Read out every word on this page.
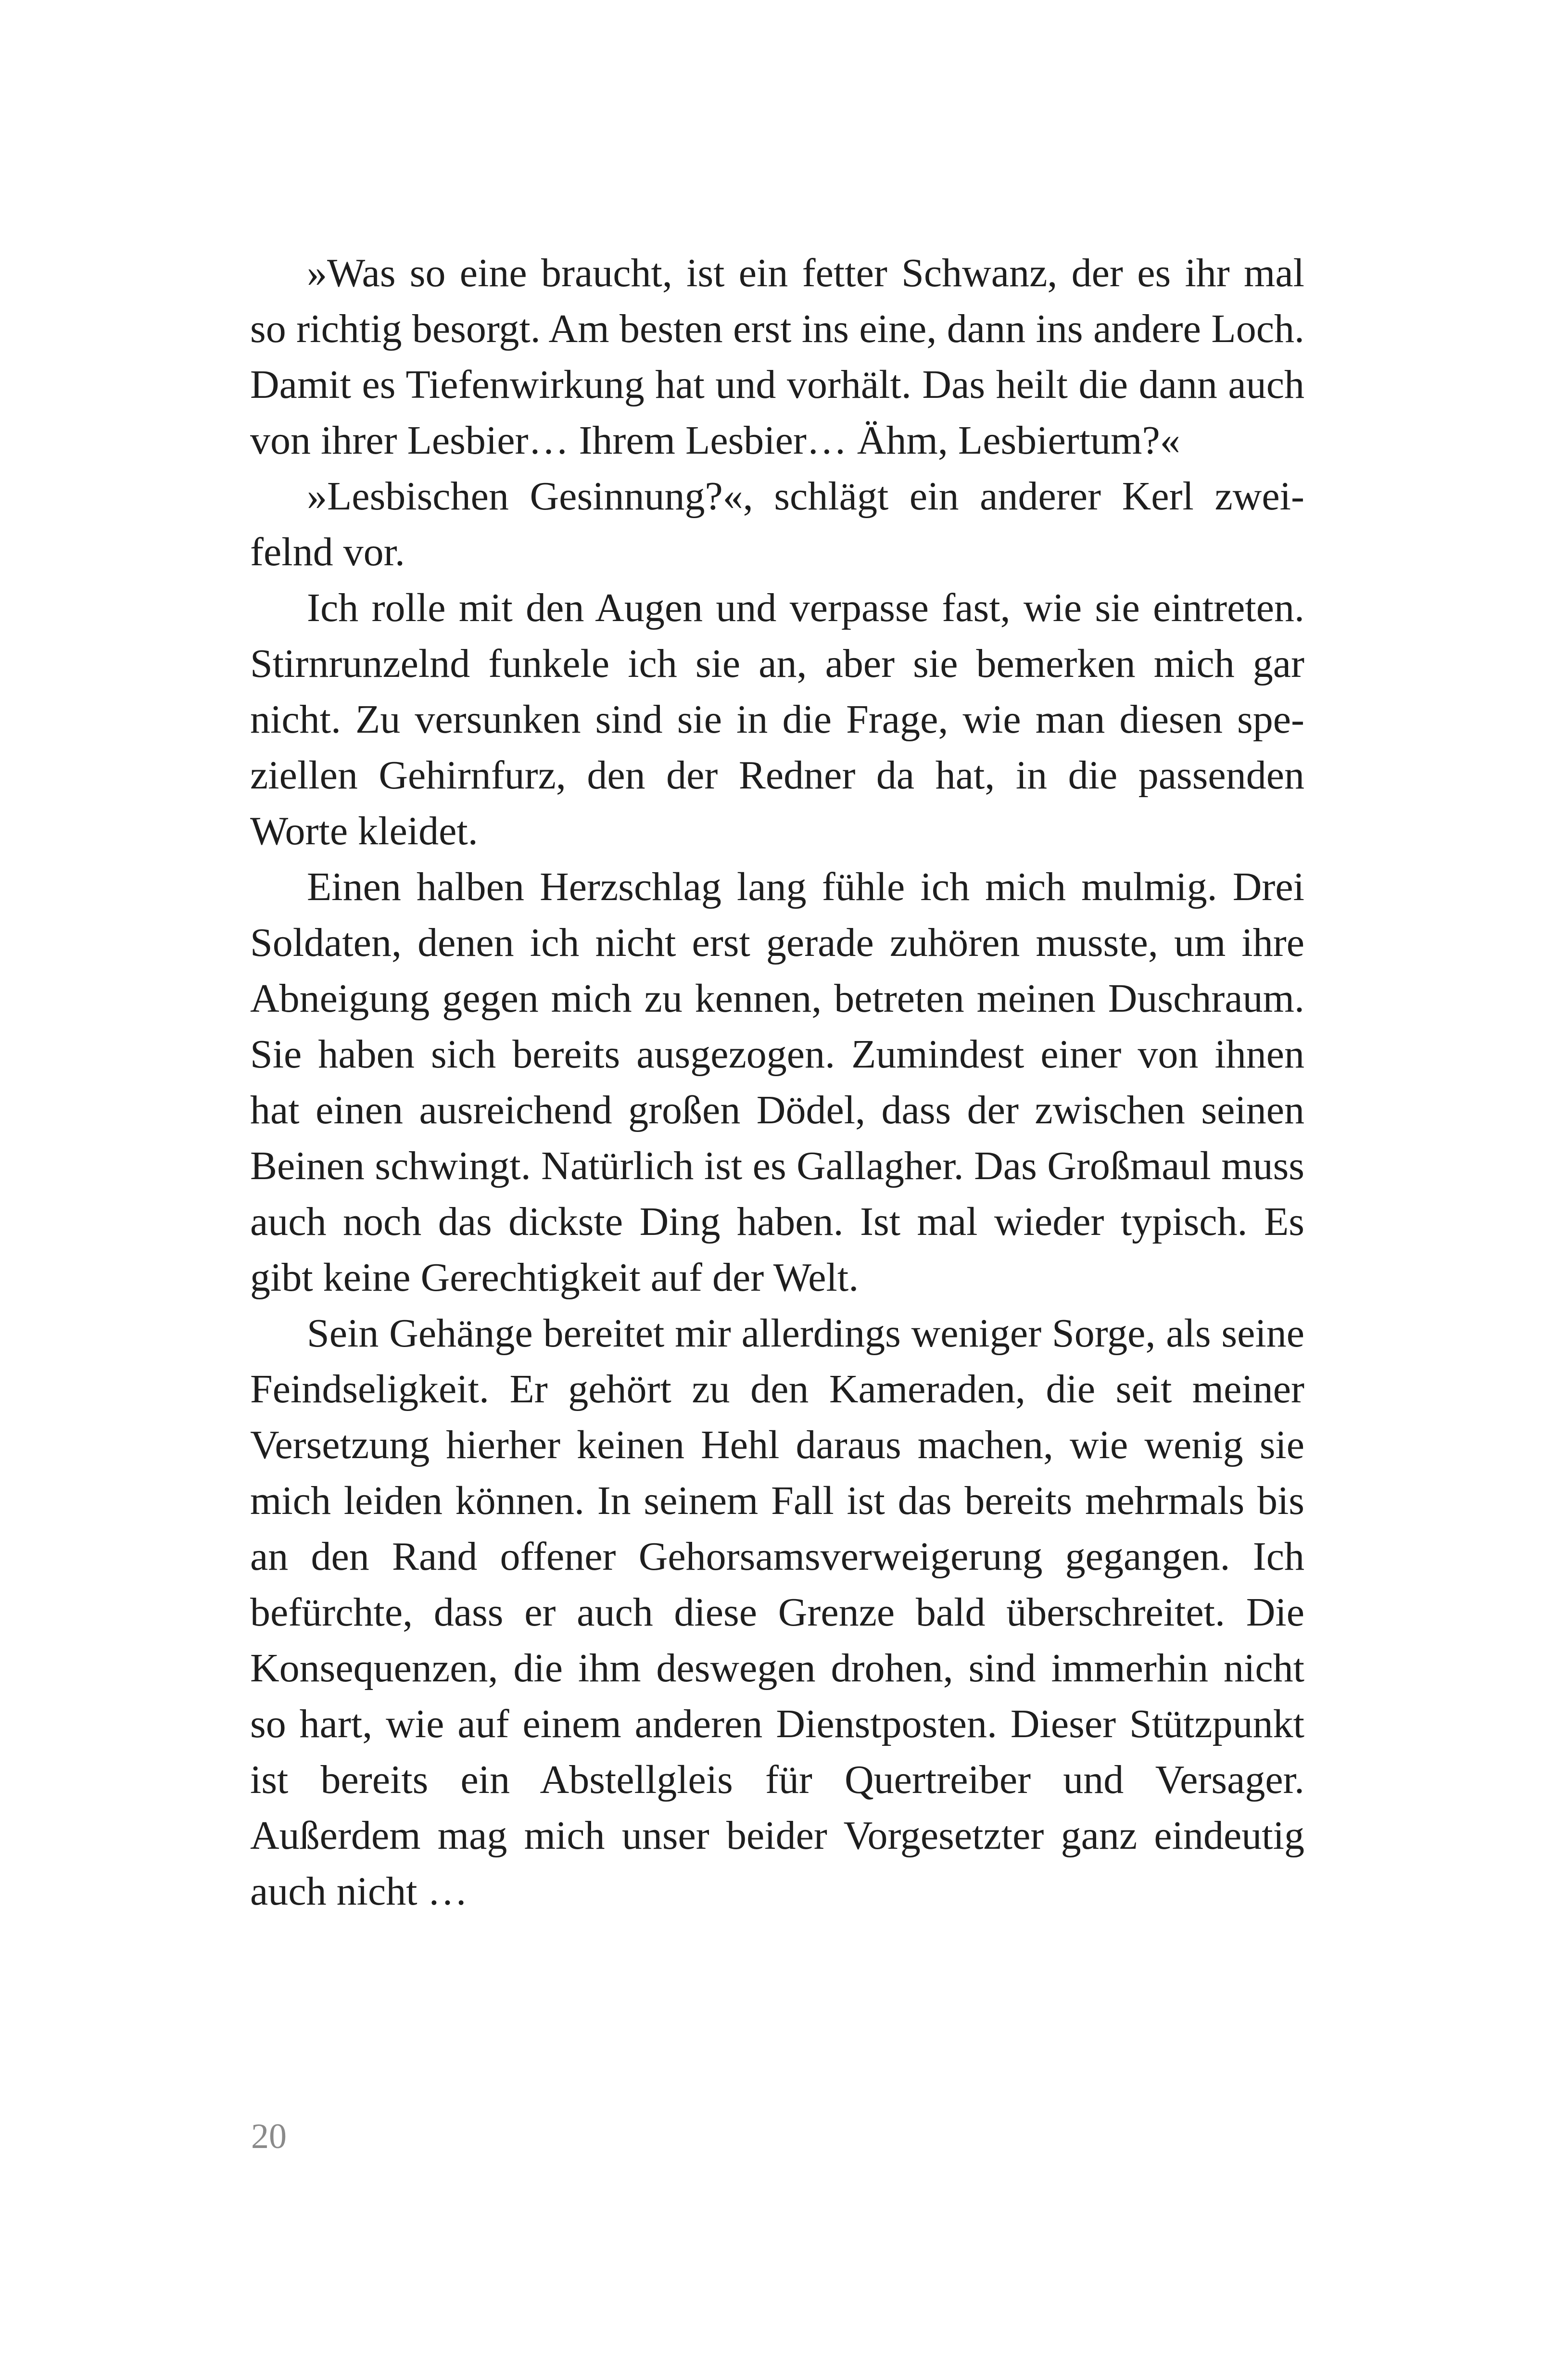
»Was so eine braucht, ist ein fetter Schwanz, der es ihr mal so richtig besorgt. Am besten erst ins eine, dann ins andere Loch. Damit es Tiefenwirkung hat und vorhält. Das heilt die dann auch von ihrer Lesbier… Ihrem Lesbier… Ähm, Lesbiertum?«

»Lesbischen Gesinnung?«, schlägt ein anderer Kerl zweifelnd vor.

Ich rolle mit den Augen und verpasse fast, wie sie eintreten. Stirnrunzelnd funkele ich sie an, aber sie bemerken mich gar nicht. Zu versunken sind sie in die Frage, wie man diesen speziellen Gehirnfurz, den der Redner da hat, in die passenden Worte kleidet.

Einen halben Herzschlag lang fühle ich mich mulmig. Drei Soldaten, denen ich nicht erst gerade zuhören musste, um ihre Abneigung gegen mich zu kennen, betreten meinen Duschraum. Sie haben sich bereits ausgezogen. Zumindest einer von ihnen hat einen ausreichend großen Dödel, dass der zwischen seinen Beinen schwingt. Natürlich ist es Gallagher. Das Großmaul muss auch noch das dickste Ding haben. Ist mal wieder typisch. Es gibt keine Gerechtigkeit auf der Welt.

Sein Gehänge bereitet mir allerdings weniger Sorge, als seine Feindseligkeit. Er gehört zu den Kameraden, die seit meiner Versetzung hierher keinen Hehl daraus machen, wie wenig sie mich leiden können. In seinem Fall ist das bereits mehrmals bis an den Rand offener Gehorsamsverweigerung gegangen. Ich befürchte, dass er auch diese Grenze bald überschreitet. Die Konsequenzen, die ihm deswegen drohen, sind immerhin nicht so hart, wie auf einem anderen Dienstposten. Dieser Stützpunkt ist bereits ein Abstellgleis für Quertreiber und Versager. Außerdem mag mich unser beider Vorgesetzter ganz eindeutig auch nicht …

20
